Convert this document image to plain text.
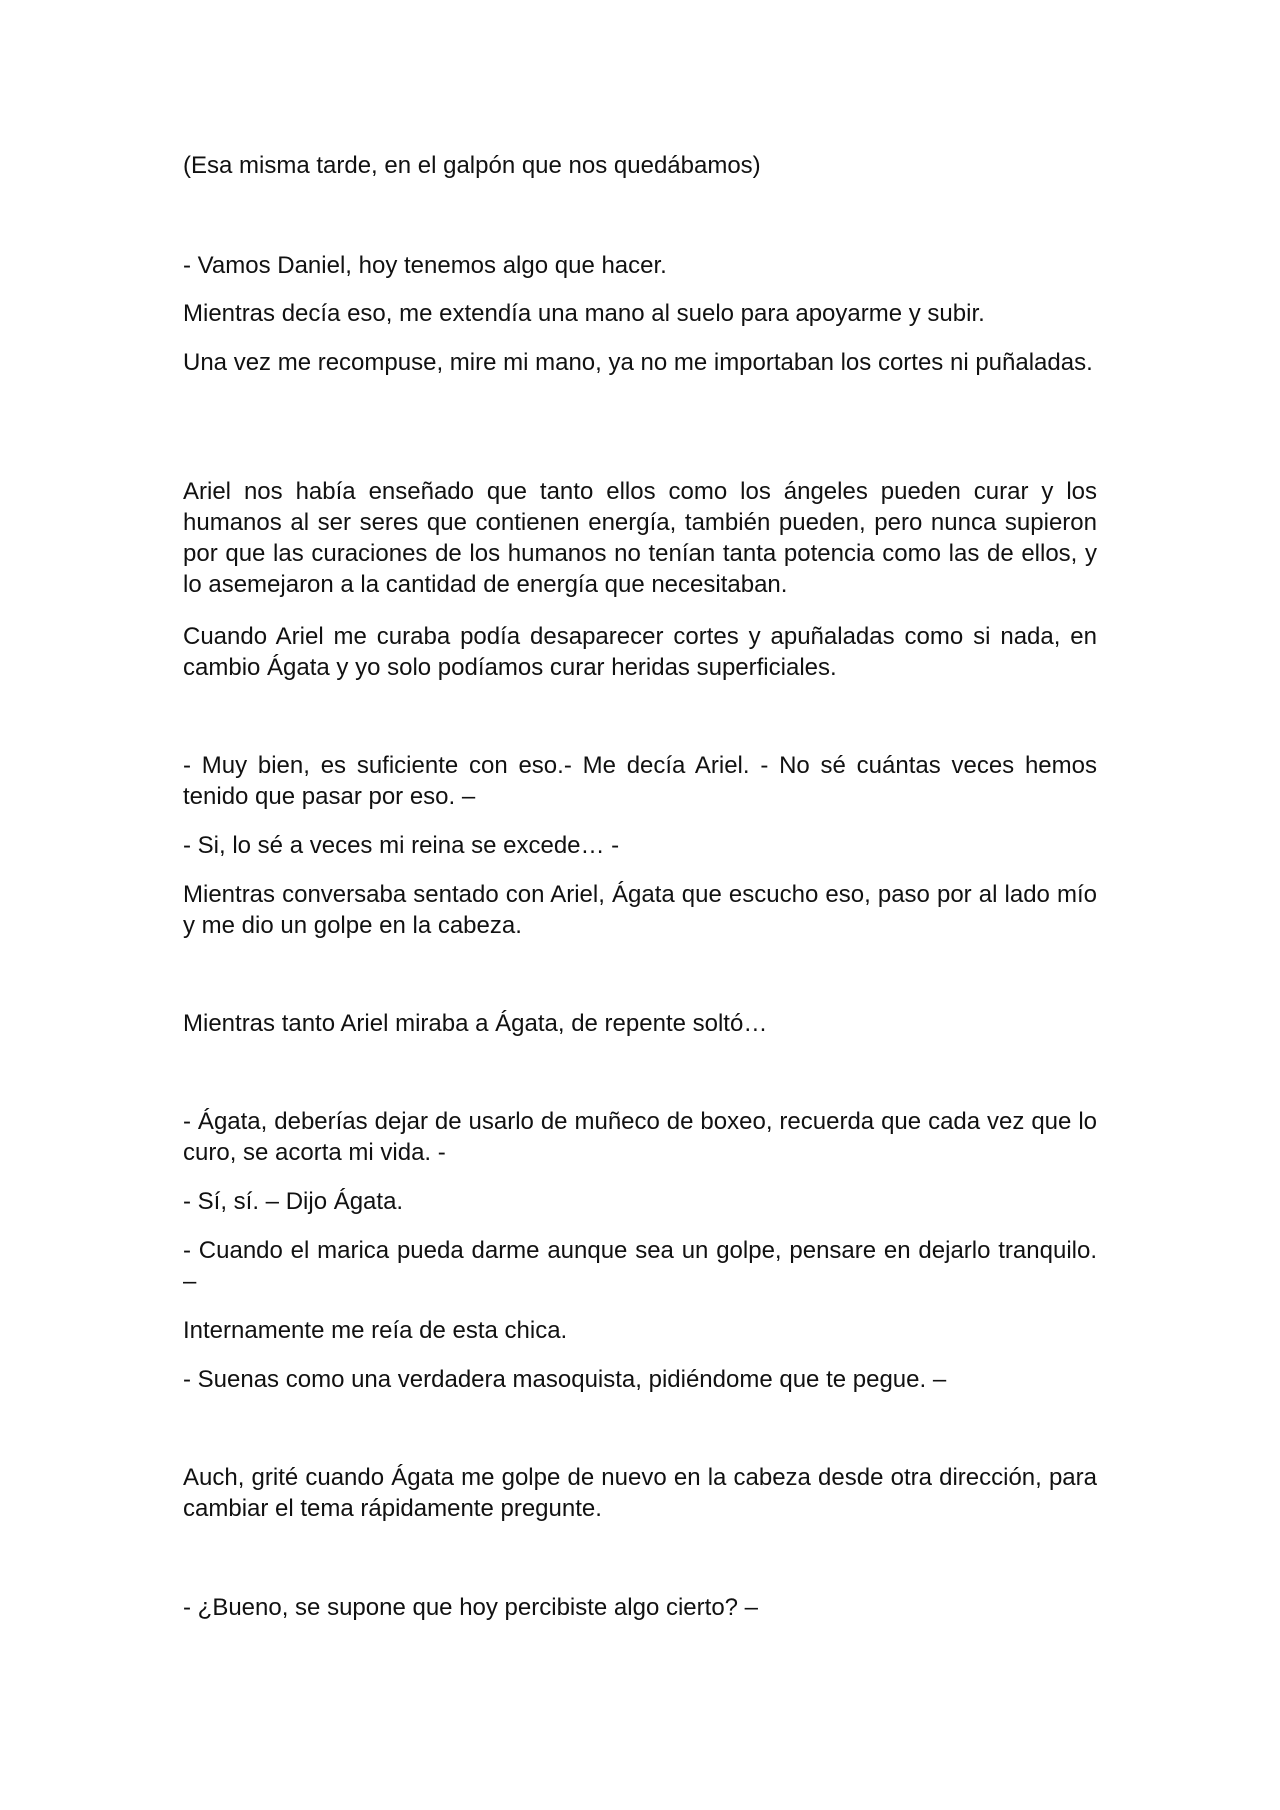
(Esa misma tarde, en el galpón que nos quedábamos)

- Vamos Daniel, hoy tenemos algo que hacer.

Mientras decía eso, me extendía una mano al suelo para apoyarme y subir.

Una vez me recompuse, mire mi mano, ya no me importaban los cortes ni puñaladas.

Ariel nos había enseñado que tanto ellos como los ángeles pueden curar y los humanos al ser seres que contienen energía, también pueden, pero nunca supieron por que las curaciones de los humanos no tenían tanta potencia como las de ellos, y lo asemejaron a la cantidad de energía que necesitaban.

Cuando Ariel me curaba podía desaparecer cortes y apuñaladas como si nada, en cambio Ágata y yo solo podíamos curar heridas superficiales.

- Muy bien, es suficiente con eso.- Me decía Ariel. - No sé cuántas veces hemos tenido que pasar por eso. –

- Si, lo sé a veces mi reina se excede… -

Mientras conversaba sentado con Ariel, Ágata que escucho eso, paso por al lado mío y me dio un golpe en la cabeza.

Mientras tanto Ariel miraba a Ágata, de repente soltó…

- Ágata, deberías dejar de usarlo de muñeco de boxeo, recuerda que cada vez que lo curo, se acorta mi vida. -

- Sí, sí. – Dijo Ágata.

- Cuando el marica pueda darme aunque sea un golpe, pensare en dejarlo tranquilo. –

Internamente me reía de esta chica.

- Suenas como una verdadera masoquista, pidiéndome que te pegue. –

Auch, grité cuando Ágata me golpe de nuevo en la cabeza desde otra dirección, para cambiar el tema rápidamente pregunte.

- ¿Bueno, se supone que hoy percibiste algo cierto? –
